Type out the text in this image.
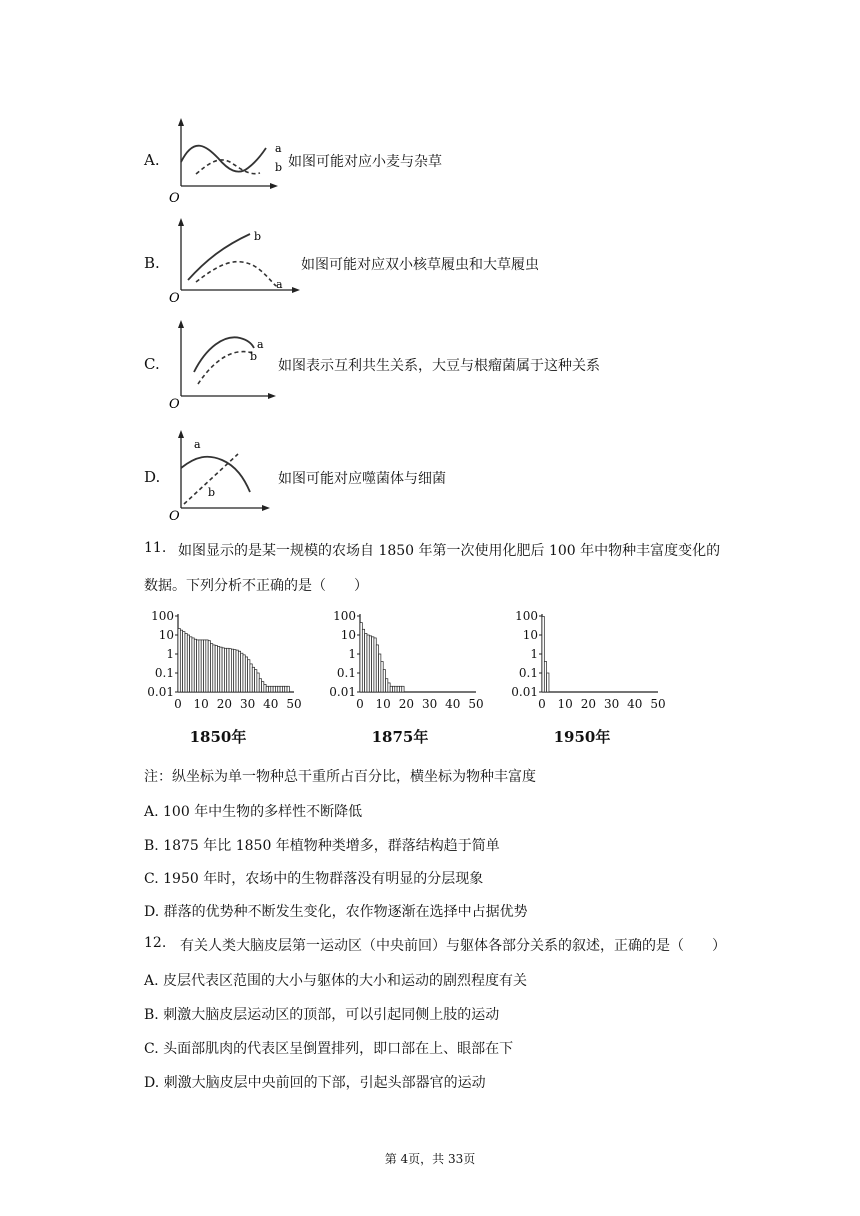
A.
a
b
O
如图可能对应小麦与杂草
B.
b
a
O
如图可能对应双小核草履虫和大草履虫
C.
a
b
O
如图表示互利共生关系，大豆与根瘤菌属于这种关系
D.
a
b
O
如图可能对应噬菌体与细菌
11. 如图显示的是某一规模的农场自 1850 年第一次使用化肥后 100 年中物种丰富度变化的
数据。下列分析不正确的是（　　）
100
10
1
0.1
0.01
0 10 20 30 40 50
1850年
100
10
1
0.1
0.01
0 10 20 30 40 50
1875年
100
10
1
0.1
0.01
0 10 20 30 40 50
1950年
注：纵坐标为单一物种总干重所占百分比，横坐标为物种丰富度
A. 100 年中生物的多样性不断降低
B. 1875 年比 1850 年植物种类增多，群落结构趋于简单
C. 1950 年时，农场中的生物群落没有明显的分层现象
D. 群落的优势种不断发生变化，农作物逐渐在选择中占据优势
12. 有关人类大脑皮层第一运动区（中央前回）与躯体各部分关系的叙述，正确的是（　　）
A. 皮层代表区范围的大小与躯体的大小和运动的剧烈程度有关
B. 刺激大脑皮层运动区的顶部，可以引起同侧上肢的运动
C. 头面部肌肉的代表区呈倒置排列，即口部在上、眼部在下
D. 刺激大脑皮层中央前回的下部，引起头部器官的运动
第 4页，共 33页
